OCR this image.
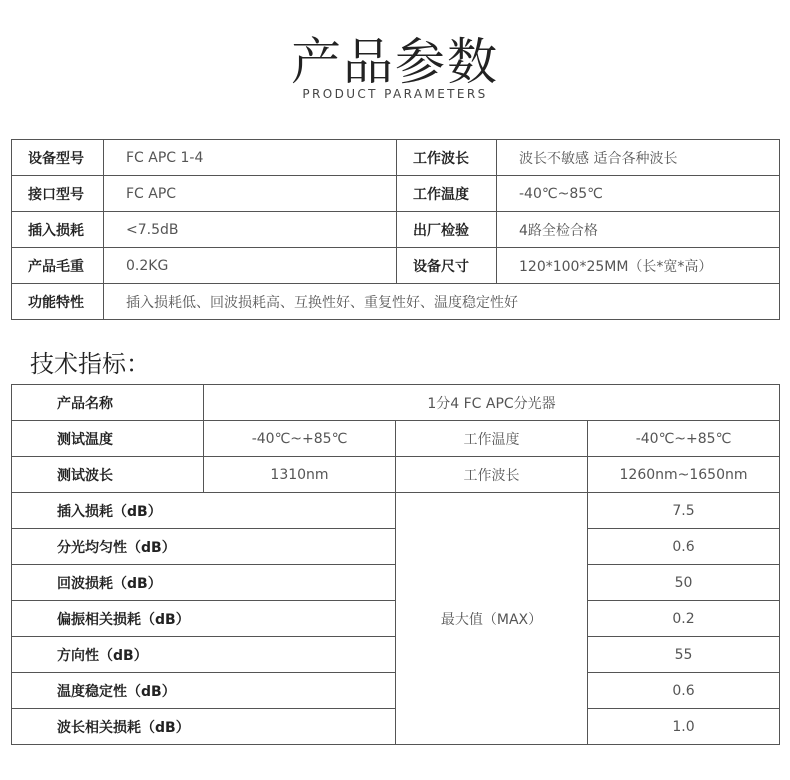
产品参数
PRODUCT PARAMETERS
设备型号	FC APC 1-4	工作波长	波长不敏感 适合各种波长
接口型号	FC APC	工作温度	-40℃~85℃
插入损耗	<7.5dB	出厂检验	4路全检合格
产品毛重	0.2KG	设备尺寸	120*100*25MM（长*宽*高）
功能特性	插入损耗低、回波损耗高、互换性好、重复性好、温度稳定性好		
技术指标：
产品名称	1分4 FC APC分光器		
测试温度	-40℃~+85℃	工作温度	-40℃~+85℃
测试波长	1310nm	工作波长	1260nm~1650nm
插入损耗（dB）		最大值（MAX）	7.5
分光均匀性（dB）			0.6
回波损耗（dB）			50
偏振相关损耗（dB）			0.2
方向性（dB）			55
温度稳定性（dB）			0.6
波长相关损耗（dB）			1.0
